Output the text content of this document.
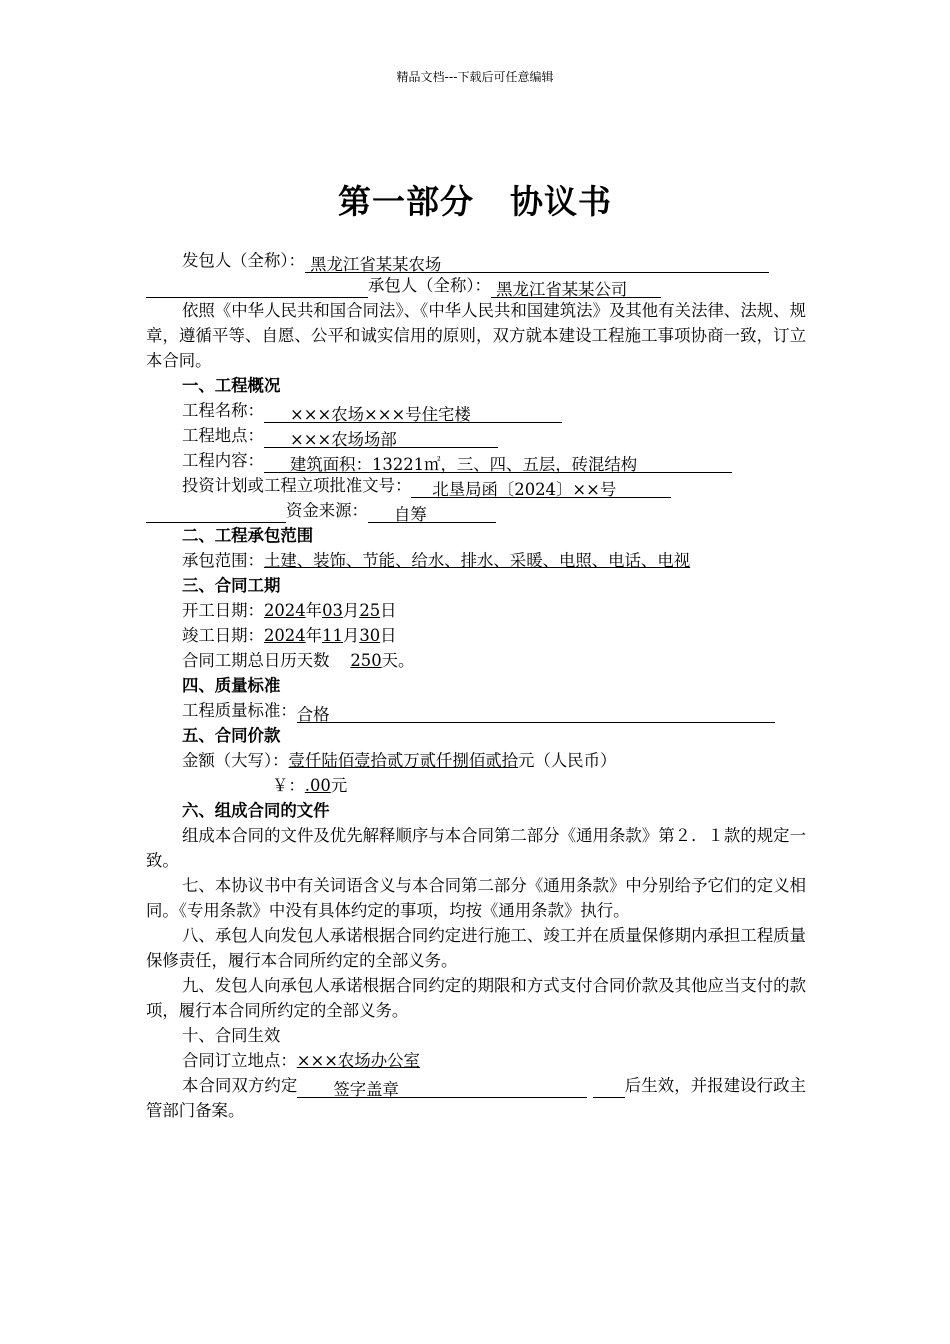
精品文档---下载后可任意编辑
第一部分 协议书
发包人（全称）： 黑龙江省某某农场
承包人（全称）： 黑龙江省某某公司
依照《中华人民共和国合同法》、《中华人民共和国建筑法》及其他有关法律、法规、规章，遵循平等、自愿、公平和诚实信用的原则，双方就本建设工程施工事项协商一致，订立本合同。
一、工程概况
工程名称： ×××农场×××号住宅楼
工程地点： ×××农场场部
工程内容： 建筑面积：13221㎡，三、四、五层，砖混结构
投资计划或工程立项批准文号： 北垦局函〔2024〕××号
资金来源： 自筹
二、工程承包范围
承包范围：土建、装饰、节能、给水、排水、采暖、电照、电话、电视
三、合同工期
开工日期：2024年03月25日
竣工日期：2024年11月30日
合同工期总日历天数 250天。
四、质量标准
工程质量标准：合格
五、合同价款
金额（大写）：壹仟陆佰壹拾贰万贰仟捌佰贰拾元（人民币）
￥：.00元
六、组成合同的文件
组成本合同的文件及优先解释顺序与本合同第二部分《通用条款》第２．１款的规定一致。
七、本协议书中有关词语含义与本合同第二部分《通用条款》中分别给予它们的定义相同。《专用条款》中没有具体约定的事项，均按《通用条款》执行。
八、承包人向发包人承诺根据合同约定进行施工、竣工并在质量保修期内承担工程质量保修责任，履行本合同所约定的全部义务。
九、发包人向承包人承诺根据合同约定的期限和方式支付合同价款及其他应当支付的款项，履行本合同所约定的全部义务。
十、合同生效
合同订立地点：×××农场办公室
本合同双方约定 签字盖章	后生效，并报建设行政主管部门备案。
